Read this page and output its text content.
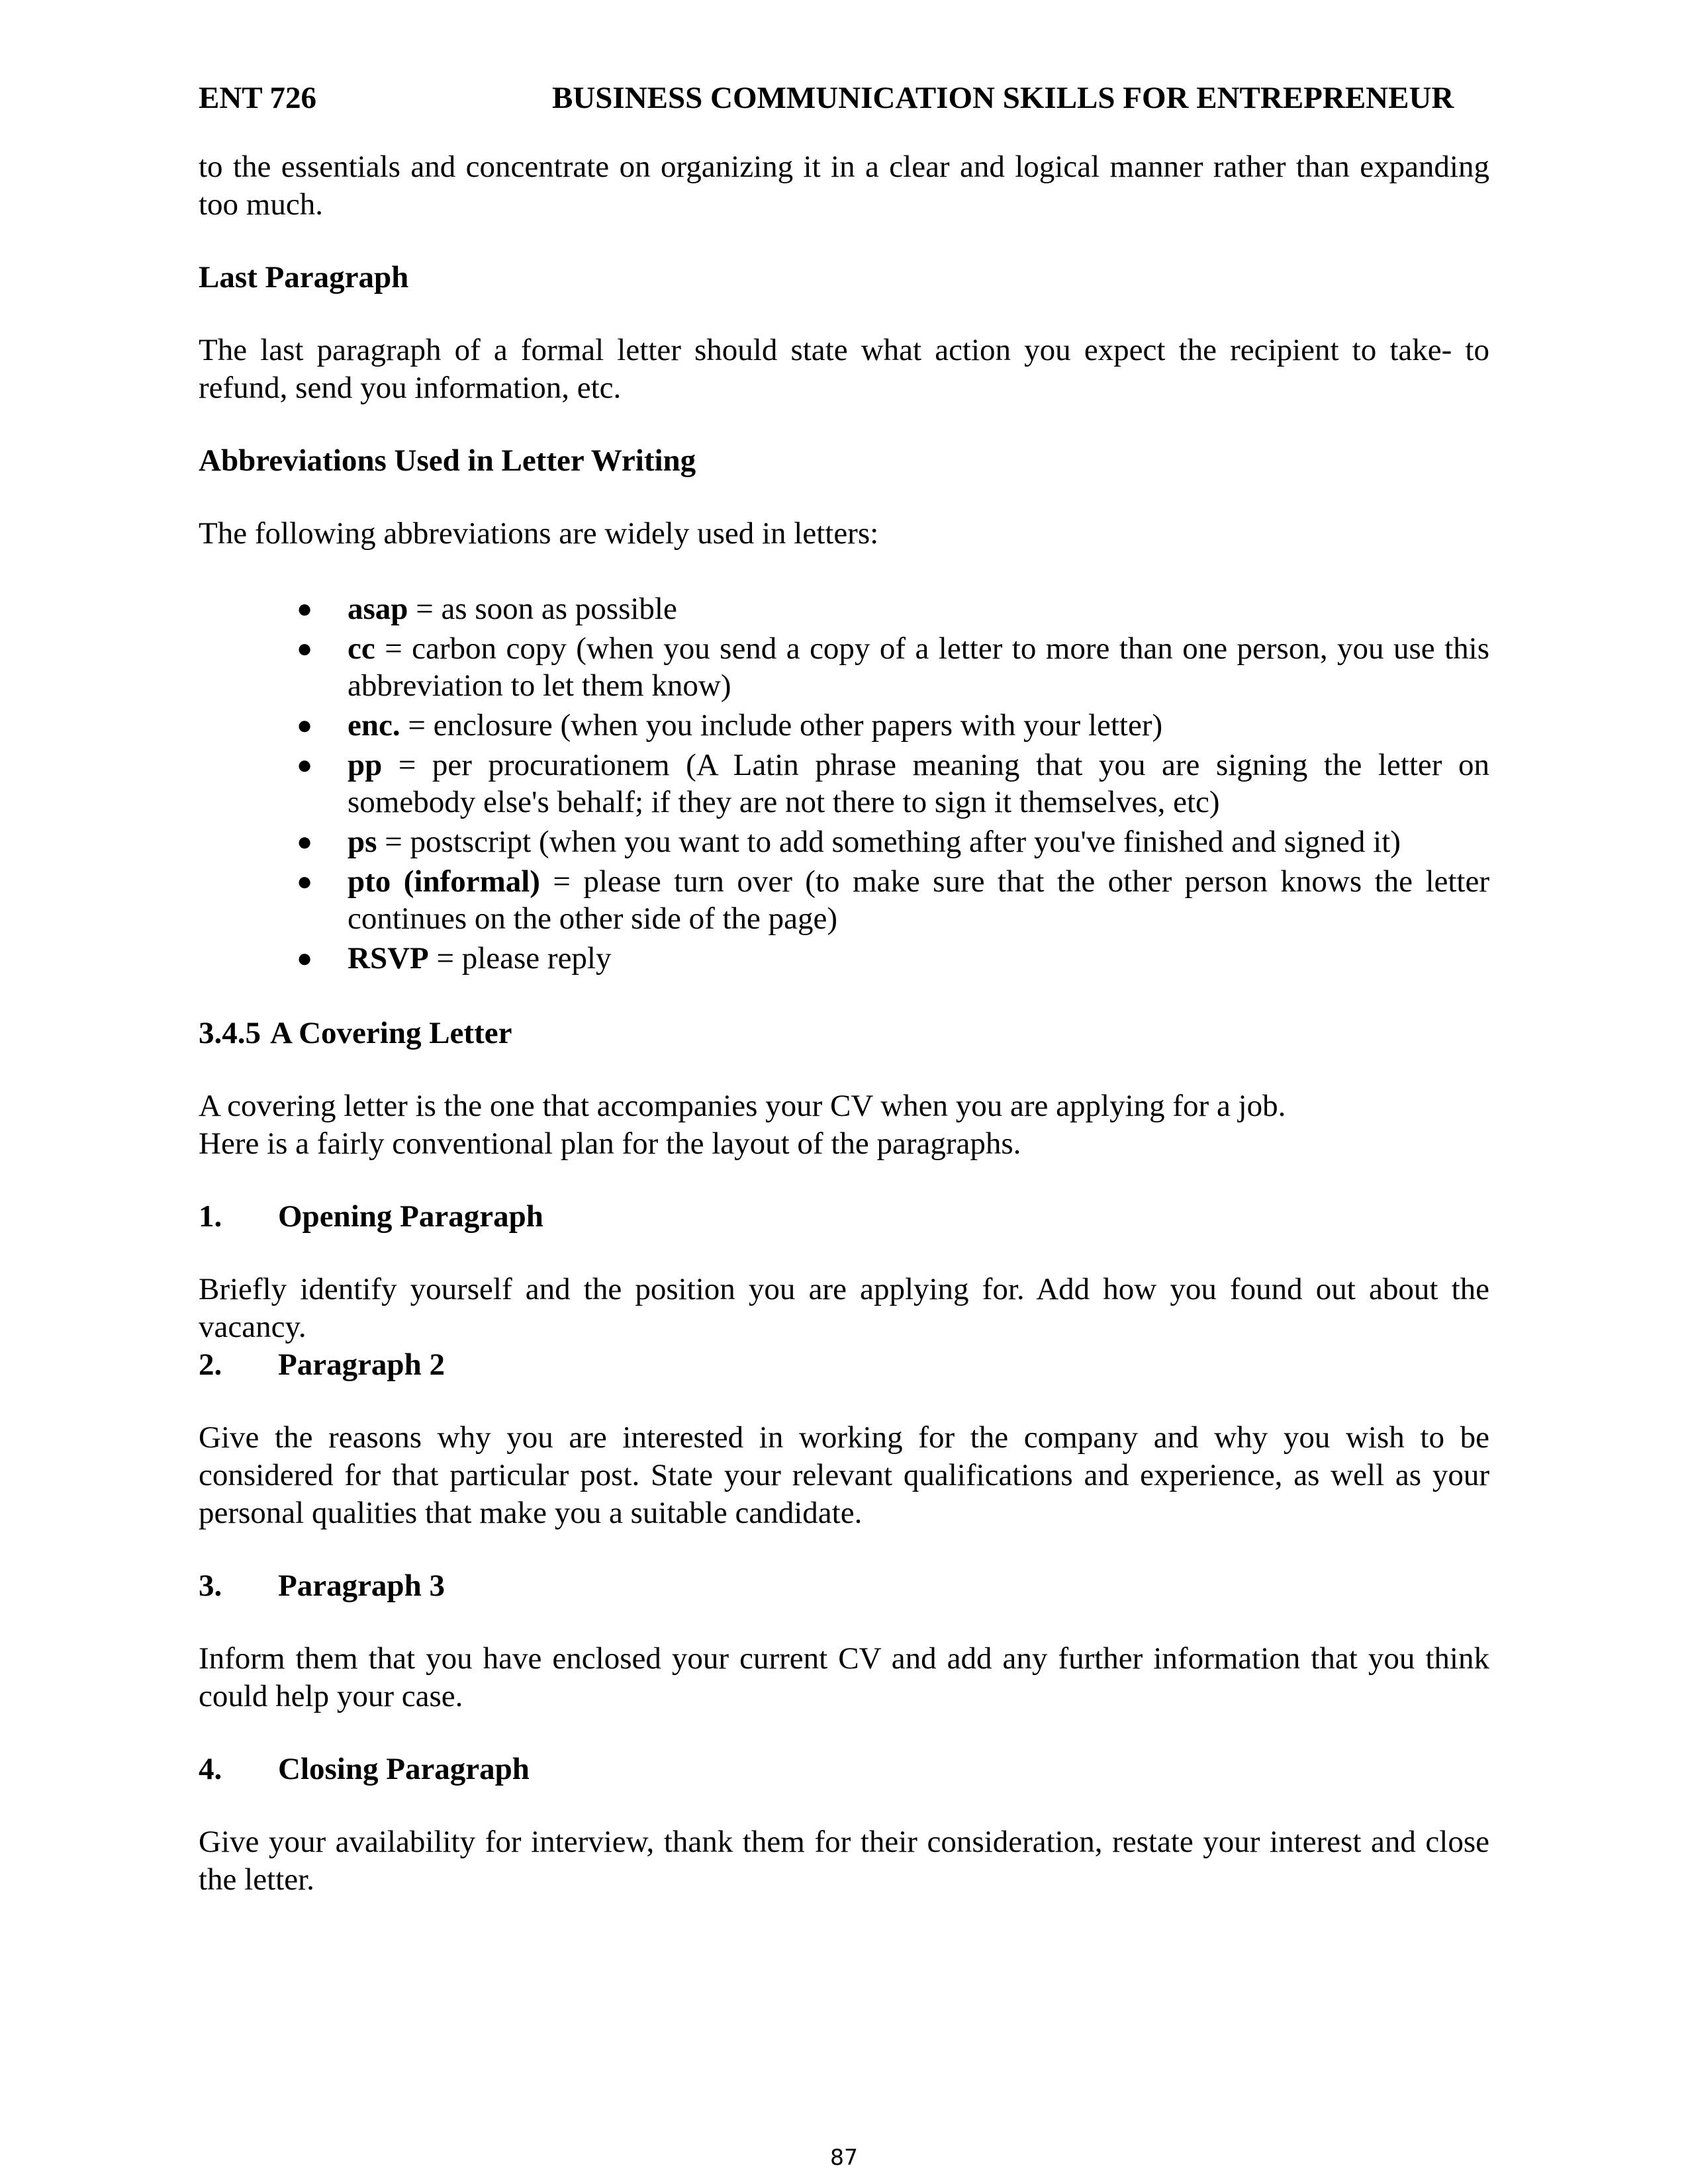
ENT 726	BUSINESS COMMUNICATION SKILLS FOR ENTREPRENEUR

to the essentials and concentrate on organizing it in a clear and logical manner rather than expanding too much.

Last Paragraph

The last paragraph of a formal letter should state what action you expect the recipient to take- to refund, send you information, etc.

Abbreviations Used in Letter Writing

The following abbreviations are widely used in letters:

● asap = as soon as possible
● cc = carbon copy (when you send a copy of a letter to more than one person, you use this abbreviation to let them know)
● enc. = enclosure (when you include other papers with your letter)
● pp = per procurationem (A Latin phrase meaning that you are signing the letter on somebody else's behalf; if they are not there to sign it themselves, etc)
● ps = postscript (when you want to add something after you've finished and signed it)
● pto (informal) = please turn over (to make sure that the other person knows the letter continues on the other side of the page)
● RSVP = please reply

3.4.5 A Covering Letter

A covering letter is the one that accompanies your CV when you are applying for a job.

Here is a fairly conventional plan for the layout of the paragraphs.

1. Opening Paragraph

Briefly identify yourself and the position you are applying for. Add how you found out about the vacancy.

2. Paragraph 2

Give the reasons why you are interested in working for the company and why you wish to be considered for that particular post. State your relevant qualifications and experience, as well as your personal qualities that make you a suitable candidate.

3. Paragraph 3

Inform them that you have enclosed your current CV and add any further information that you think could help your case.

4. Closing Paragraph

Give your availability for interview, thank them for their consideration, restate your interest and close the letter.

87
